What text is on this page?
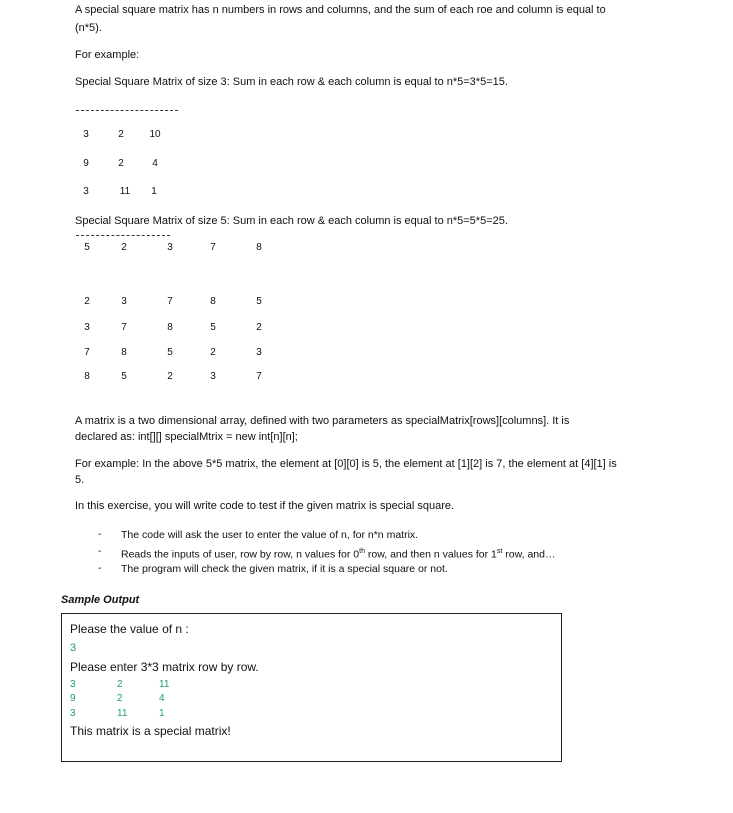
A special square matrix has n numbers in rows and columns, and the sum of each roe and column is equal to
(n*5).
For example:
Special Square Matrix of size 3: Sum in each row & each column is equal to n*5=3*5=15.
3	2	10
9	2	4
3	11	1
Special Square Matrix of size 5: Sum in each row & each column is equal to n*5=5*5=25.
5	2	3	7	8
2	3	7	8	5
3	7	8	5	2
7	8	5	2	3
8	5	2	3	7
A matrix is a two dimensional array, defined with two parameters as specialMatrix[rows][columns]. It is
declared as: int[][] specialMtrix = new int[n][n];
For example: In the above 5*5 matrix, the element at [0][0] is 5, the element at [1][2] is 7, the element at [4][1] is
5.
In this exercise, you will write code to test if the given matrix is special square.
- The code will ask the user to enter the value of n, for n*n matrix.
- Reads the inputs of user, row by row, n values for 0th row, and then n values for 1st row, and…
- The program will check the given matrix, if it is a special square or not.
Sample Output
Please the value of n :
3
Please enter 3*3 matrix row by row.
3	2	11
9	2	4
3	11	1
This matrix is a special matrix!
